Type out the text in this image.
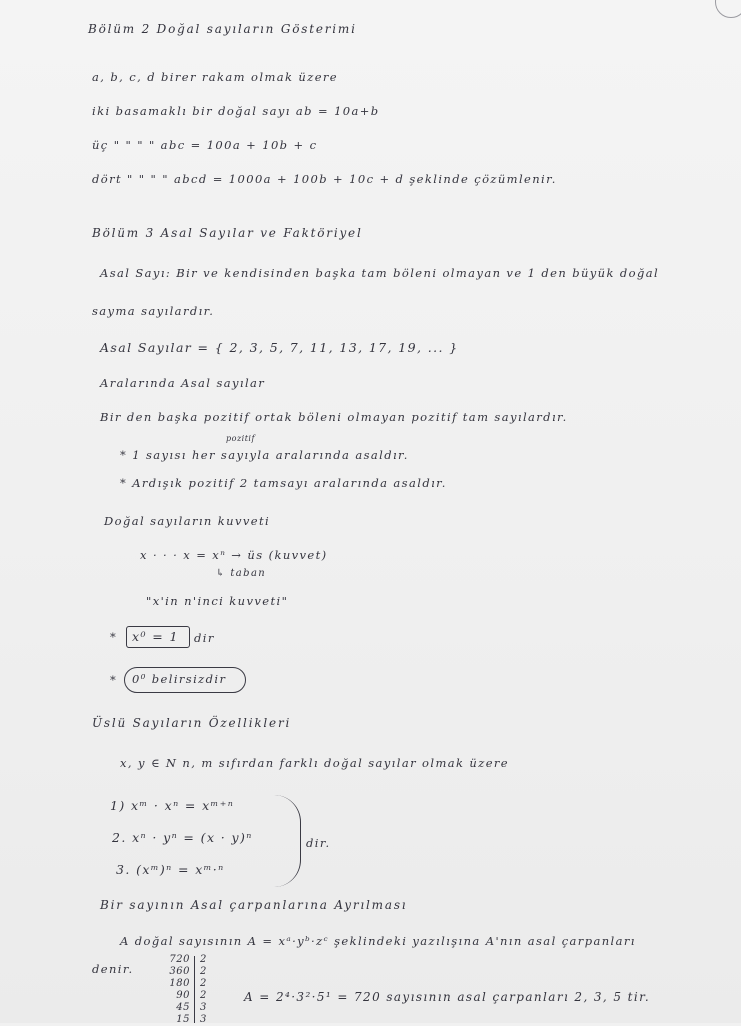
Bölüm 2 Doğal sayıların Gösterimi
a, b, c, d birer rakam olmak üzere
iki basamaklı bir doğal sayı ab = 10a+b
üç " " " " abc = 100a + 10b + c
dört " " " " abcd = 1000a + 100b + 10c + d şeklinde çözümlenir.
Bölüm 3 Asal Sayılar ve Faktöriyel
Asal Sayı: Bir ve kendisinden başka tam böleni olmayan ve 1 den büyük doğal
sayma sayılardır.
Asal Sayılar = { 2, 3, 5, 7, 11, 13, 17, 19, ... }
Aralarında Asal sayılar
Bir den başka pozitif ortak böleni olmayan pozitif tam sayılardır.
pozitif
* 1 sayısı her sayıyla aralarında asaldır.
* Ardışık pozitif 2 tamsayı aralarında asaldır.
Doğal sayıların kuvveti
x · · · x = xⁿ → üs (kuvvet)
↳ taban
"x'in n'inci kuvveti"
* x⁰ = 1 dir
* 0⁰ belirsizdir
Üslü Sayıların Özellikleri
x, y ∈ N n, m sıfırdan farklı doğal sayılar olmak üzere
1) xᵐ · xⁿ = xᵐ⁺ⁿ
2. xⁿ · yⁿ = (x · y)ⁿ
3. (xᵐ)ⁿ = xᵐ·ⁿ
dir.
Bir sayının Asal çarpanlarına Ayrılması
A doğal sayısının A = xᵃ·yᵇ·zᶜ şeklindeki yazılışına A'nın asal çarpanları
denir.
720
360
180
90
45
15
2
2
2
2
3
3
A = 2⁴·3²·5¹ = 720 sayısının asal çarpanları 2, 3, 5 tir.
